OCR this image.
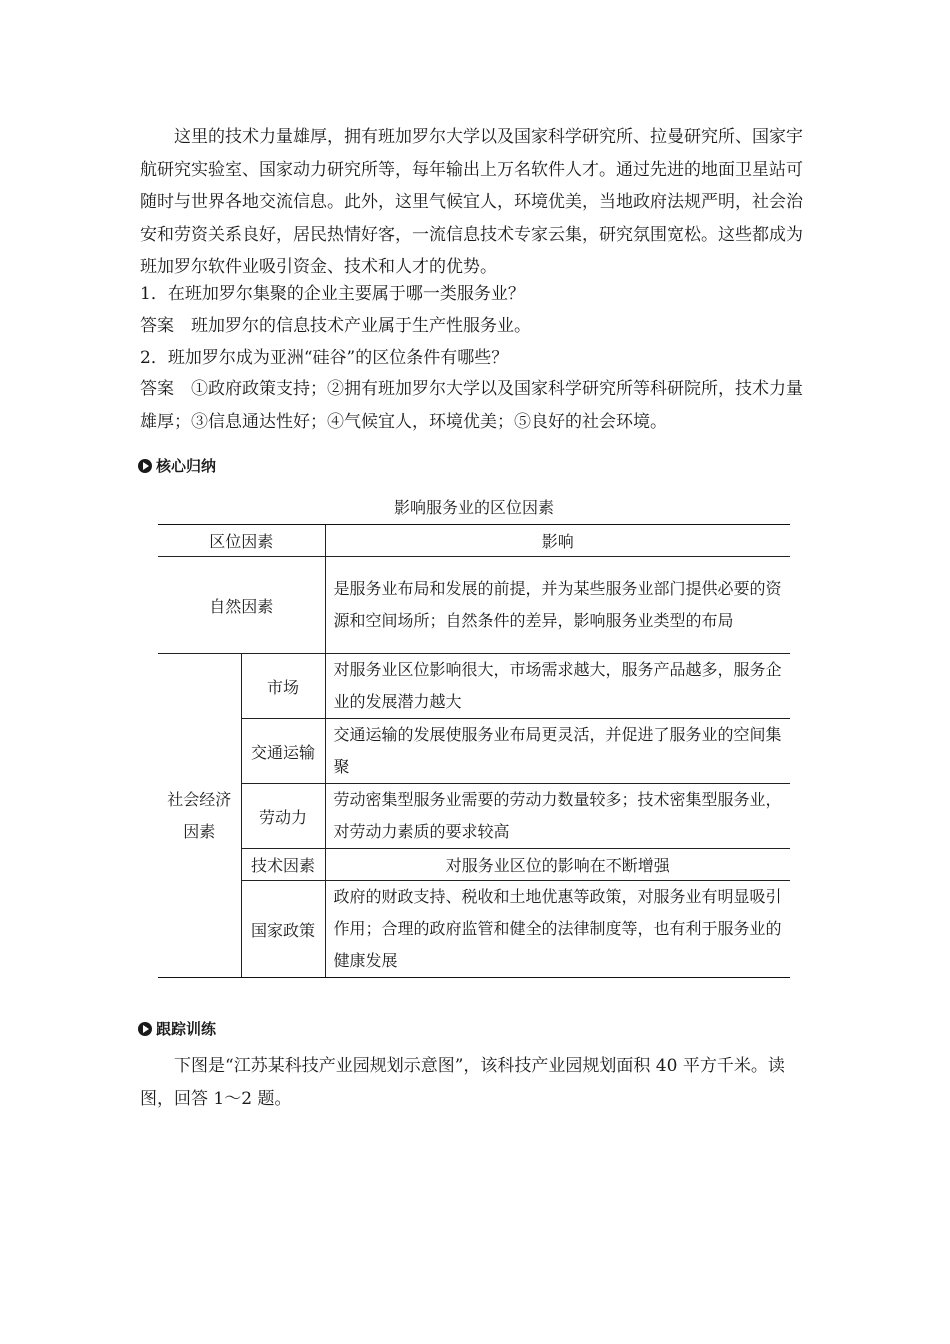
这里的技术力量雄厚，拥有班加罗尔大学以及国家科学研究所、拉曼研究所、国家宇航研究实验室、国家动力研究所等，每年输出上万名软件人才。通过先进的地面卫星站可随时与世界各地交流信息。此外，这里气候宜人，环境优美，当地政府法规严明，社会治安和劳资关系良好，居民热情好客，一流信息技术专家云集，研究氛围宽松。这些都成为班加罗尔软件业吸引资金、技术和人才的优势。

1．在班加罗尔集聚的企业主要属于哪一类服务业？
答案　班加罗尔的信息技术产业属于生产性服务业。
2．班加罗尔成为亚洲“硅谷”的区位条件有哪些？

答案　①政府政策支持；②拥有班加罗尔大学以及国家科学研究所等科研院所，技术力量雄厚；③信息通达性好；④气候宜人，环境优美；⑤良好的社会环境。

核心归纳
影响服务业的区位因素
区位因素		影响
自然因素		是服务业布局和发展的前提，并为某些服务业部门提供必要的资源和空间场所；自然条件的差异，影响服务业类型的布局
社会经济因素	市场	对服务业区位影响很大，市场需求越大，服务产品越多，服务企业的发展潜力越大
	交通运输	交通运输的发展使服务业布局更灵活，并促进了服务业的空间集聚
	劳动力	劳动密集型服务业需要的劳动力数量较多；技术密集型服务业，对劳动力素质的要求较高
	技术因素	对服务业区位的影响在不断增强
	国家政策	政府的财政支持、税收和土地优惠等政策，对服务业有明显吸引作用；合理的政府监管和健全的法律制度等，也有利于服务业的健康发展
跟踪训练

下图是“江苏某科技产业园规划示意图”，该科技产业园规划面积 40 平方千米。读图，回答 1～2 题。
